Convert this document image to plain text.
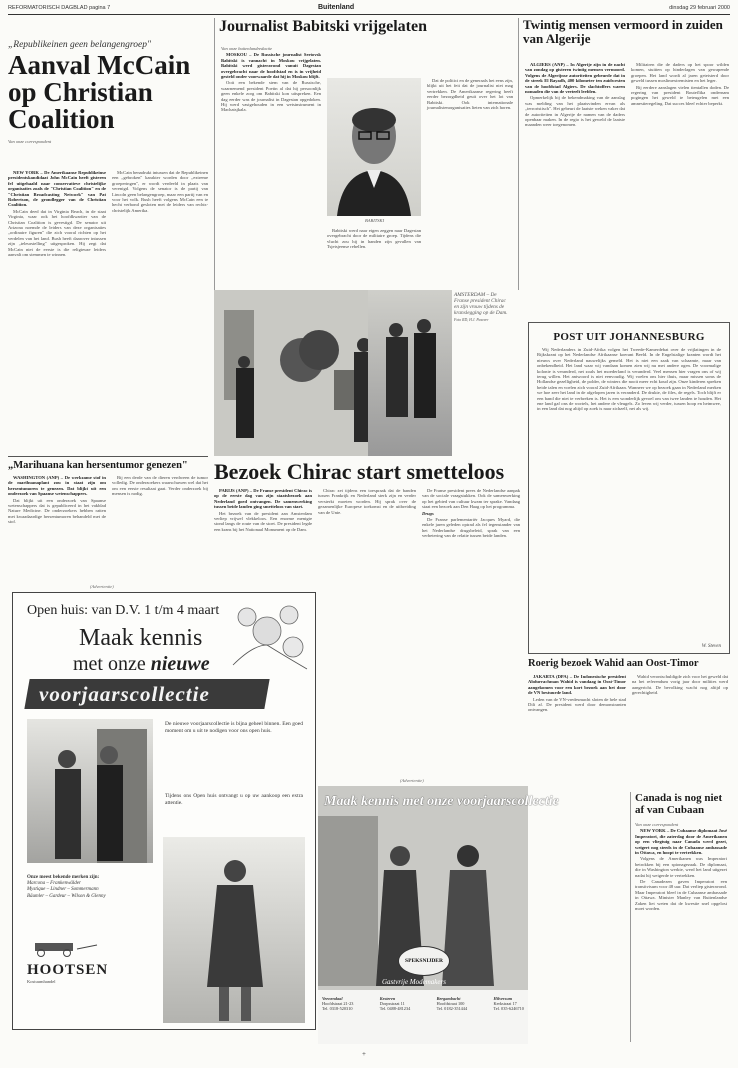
REFORMATORISCH DAGBLAD pagina 7	Buitenland	dinsdag 29 februari 2000
„Republikeinen geen belangengroep"
Aanval McCain op Christian Coalition
Van onze correspondent

NEW YORK – De Amerikaanse Republikeinse presidentskandidaat John McCain heeft gisteren fel uitgehaald naar conservatieve christelijke organisaties zoals de "Christian Coalition" en de "Christian Broadcasting Network" van Pat Robertson, de grondlegger van de Christian Coalition.

McCain deed dat in Virginia Beach, in de staat Virginia, waar ook het hoofdkwartier van de Christian Coalition is gevestigd. De senator uit Arizona noemde de leiders van deze organisaties „ordinaire figuren" die zich vooral richten op het verdelen van het land. Bush heeft daarover intussen zijn „teleurstelling" uitgesproken. Hij zegt dat McCain niet de eerste is die religieuze leiders aanvalt om stemmen te winnen.

McCain benadrukt intussen dat de Republikeinen een „gebroken" karakter worden door „extreme groeperingen", er wordt verdeeld in plaats van verenigd. Volgens de senator is de partij van Lincoln geen belangengroep, maar een partij van en voor het volk. Bush heeft volgens McCain een te hecht verbond gesloten met de leiders van rechts-christelijk Amerika.

Journalist Babitski vrijgelaten

Van onze buitenlandredactie

MOSKOU – De Russische journalist Sertovsk Babitski is vannacht in Moskou vrijgelaten. Babitski werd gisteravond vanuit Dagestan overgebracht naar de hoofdstad en is in vrijheid gesteld onder voorwaarde dat hij in Moskou blijft.

Ooit een bekende stem van de Russische, waarnemend president Poetin al dat hij persoonlijk geen enkele zorg om Babitski kon uitspreken. Een dag eerder was de journalist in Dagestan opgedoken. Hij werd vastgehouden in een wetsinstrument in Machatsjkala.

BABITSKI

Babitski werd naar eigen zeggen naar Dagestan overgebracht door de militaire groep. Tijdens die vlucht zou hij in handen zijn gevallen van Tsjetsjeense rebellen.

Dat de politici en de generaals het eens zijn, blijkt uit het feit dat de journalist niet mag vertrekken. De Amerikaanse regering heeft eerder bezorgdheid geuit over het lot van Babitski. Ook internationale journalistenorganisaties lieten van zich horen.

Twintig mensen vermoord in zuiden van Algerije

ALGIERS (ANP) – In Algerije zijn in de nacht van zondag op gisteren twintig mensen vermoord. Volgens de Algerijnse autoriteiten gebeurde dat in de streek El Bayadh, 400 kilometer ten zuidwesten van de hoofdstad Algiers. De slachtoffers waren nomaden die van de veeteelt leefden.

Opmerkelijk bij de bekendmaking van de aanslag was melding van het plaatsvinden ervan als „terroristisch". Het gebeurt de laatste weken vaker dat de autoriteiten in Algerije de namen van de daders openbaar maken. In de regio is het geweld de laatste maanden weer toegenomen.

Militairen die de daders op het spoor wilden komen, stuitten op hinderlagen van gewapende groepen. Het land wordt al jaren geteisterd door geweld tussen moslimextremisten en het leger.

Bij eerdere aanslagen vielen tientallen doden. De regering van president Bouteflika ondernam pogingen het geweld te beteugelen met een amnestieregeling. Dat succes bleef echter beperkt.

AMSTERDAM – De Franse president Chirac en zijn vrouw tijdens de kranslegging op de Dam.
Foto RD, H.J. Pasveer
POST UIT JOHANNESBURG

Wij Nederlanders in Zuid-Afrika volgen het Tweede-Kamerdebat over de vrijlatingen in de Rijkskrant op het Nederlandse Afrikaanse koerant Beeld. In de Engelstalige kranten wordt het nieuws over Nederland nauwelijks gemeld. Het is niet een zaak van schaamte, maar van onbekendheid. Het land waar wij vandaan komen zien wij nu met andere ogen. De voormalige kolonie is veranderd, net zoals het moederland is veranderd. Veel mensen hier vragen ons of wij terug willen. Het antwoord is niet eenvoudig. Wij voelen ons hier thuis, maar missen soms de Hollandse gezelligheid, de polder, de winters die nooit meer echt koud zijn. Onze kinderen spreken beide talen en voelen zich vooral Zuid-Afrikaan. Wanneer we op bezoek gaan in Nederland merken we hoe zeer het land in de afgelopen jaren is veranderd. De drukte, de files, de regels. Toch blijft er een band die niet te verbreken is. Het is een wonderlijk gevoel om van twee landen te houden. Het ene land gaf ons de wortels, het andere de vleugels. Zo leven wij verder, tussen hoop en heimwee, in een land dat nog altijd op zoek is naar zichzelf, net als wij.

W. Steven
Bezoek Chirac start smetteloos

PARIJS (ANP) – De Franse president Chirac is op de eerste dag van zijn staatsbezoek aan Nederland goed ontvangen. De samenwerking tussen beide landen ging smetteloos van start.

Het bezoek van de president aan Amsterdam verliep vrijwel vlekkeloos. Een enorme menigte stond langs de route van de stoet. De president legde een krans bij het Nationaal Monument op de Dam.

Chirac zei tijdens een toespraak dat de banden tussen Frankrijk en Nederland sterk zijn en verder versterkt moeten worden. Hij sprak over de gezamenlijke Europese toekomst en de uitbreiding van de Unie.

De Franse president prees de Nederlandse aanpak van de sociale vraagstukken. Ook de samenwerking op het gebied van cultuur kwam ter sprake. Vandaag staat een bezoek aan Den Haag op het programma.

Drugs

De Franse parlementariër Jacques Myard, die enkele jaren geleden optrad als fel tegenstander van het Nederlandse drugsbeleid, sprak van een verbetering van de relatie tussen beide landen.

„Marihuana kan hersentumor genezen"

WASHINGTON (ANP) – De werkzame stof in de marihuanaplant zou in staat zijn om hersentumoren te genezen. Dat blijkt uit een onderzoek van Spaanse wetenschappers.

Dat blijkt uit een onderzoek van Spaanse wetenschappers dat is gepubliceerd in het vakblad Nature Medicine. De onderzoekers hebben ratten met kwaadaardige hersentumoren behandeld met de stof.

Bij een derde van de dieren verdween de tumor volledig. De onderzoekers waarschuwen wel dat het om een eerste resultaat gaat. Verder onderzoek bij mensen is nodig.

(Advertentie)
Open huis: van D.V. 1 t/m 4 maart
Maak kennis
met onze nieuwe
voorjaarscollectie

De nieuwe voorjaarscollectie is bijna geheel binnen. Een goed moment om u uit te nodigen voor ons open huis.

Tijdens ons Open huis ontvangt u op uw aankoop een extra attentie.

Onze meest bekende merken zijn:
Marcona – Frankenwälder
Mystique – Lindner – Sommermann
Bäumler – Gardeur – Wilson & Glenny
HOOTSEN
Kostuumhandel
Roerig bezoek Wahid aan Oost-Timor

JAKARTA (DPA) – De Indonesische president Abdurrachman Wahid is vandaag in Oost-Timor aangekomen voor een kort bezoek aan het door de VN bestuurde land.

Leden van de VN-vredesmacht sloten de hele stad Dili af. De president werd door demonstranten ontvangen.

Wahid verontschuldigde zich voor het geweld dat na het referendum vorig jaar door milities werd aangericht. De bevolking wacht nog altijd op gerechtigheid.

(Advertentie)
Maak kennis met onze voorjaarscollectie
SPEKSNIJDER
Gastvrije Modemakers
Veenendaal
Hoofdstraat 21-23
Tel. 0318-520310
Kesteren
Dorpsstraat 11
Tel. 0488-481234
Bergambacht
Hoofdstraat 100
Tel. 0182-351444
Hilversum
Kerkstraat 17
Tel. 035-6246710
Canada is nog niet af van Cubaan

Van onze correspondent

NEW YORK – De Cubaanse diplomaat José Imperatori, die zaterdag door de Amerikanen op een vliegtuig naar Canada werd gezet, weigert nog steeds in de Cubaanse ambassade in Ottawa, en hoopt te vertrekken.

Volgens de Amerikanen was Imperatori betrokken bij een spionagezaak. De diplomaat, die in Washington werkte, werd het land uitgezet nadat hij weigerde te vertrekken.

De Canadezen gaven Imperatori een transitvisum voor 48 uur. Dat verliep gisteravond. Maar Imperatori bleef in de Cubaanse ambassade in Ottawa. Minister Manley van Buitenlandse Zaken liet weten dat de kwestie snel opgelost moet worden.

+
